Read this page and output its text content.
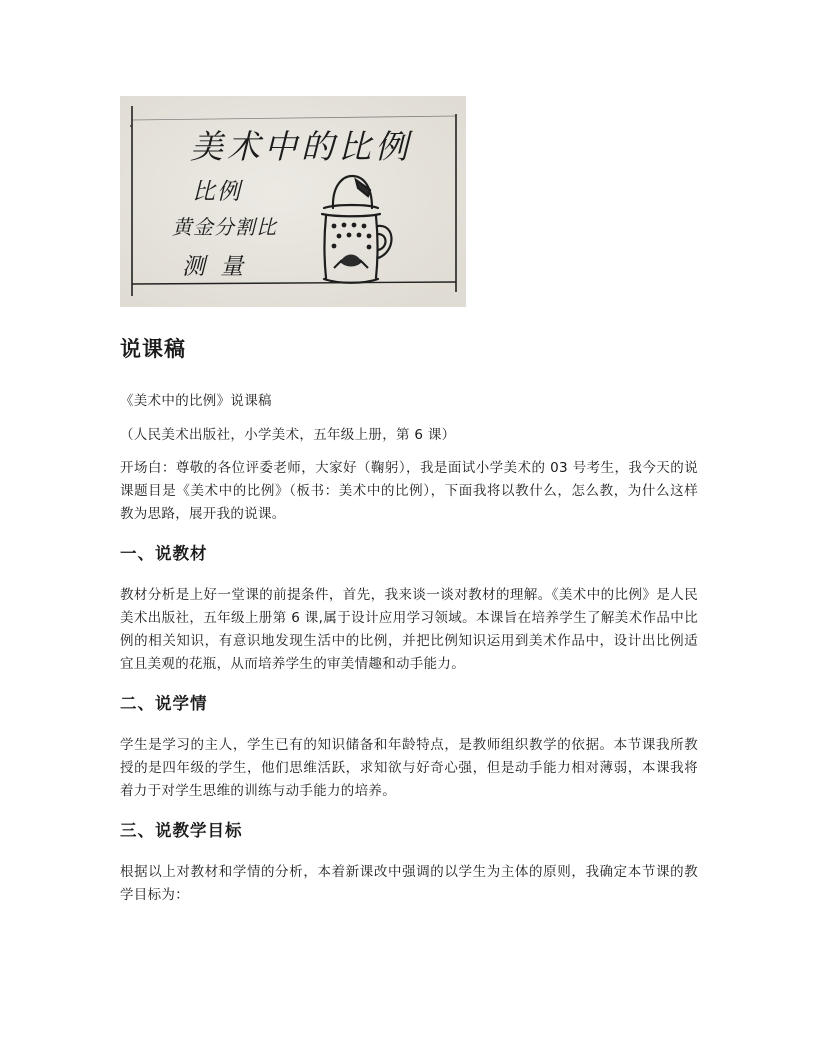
美术中的比例
比例
黄金分割比
测 量
说课稿

《美术中的比例》说课稿

（人民美术出版社，小学美术，五年级上册，第 6 课）

开场白：尊敬的各位评委老师，大家好（鞠躬），我是面试小学美术的 03 号考生，我今天的说课题目是《美术中的比例》（板书：美术中的比例），下面我将以教什么，怎么教，为什么这样教为思路，展开我的说课。

一、说教材

教材分析是上好一堂课的前提条件，首先，我来谈一谈对教材的理解。《美术中的比例》是人民美术出版社，五年级上册第 6 课,属于设计应用学习领域。本课旨在培养学生了解美术作品中比例的相关知识，有意识地发现生活中的比例，并把比例知识运用到美术作品中，设计出比例适宜且美观的花瓶，从而培养学生的审美情趣和动手能力。

二、说学情

学生是学习的主人，学生已有的知识储备和年龄特点，是教师组织教学的依据。本节课我所教授的是四年级的学生，他们思维活跃，求知欲与好奇心强，但是动手能力相对薄弱，本课我将着力于对学生思维的训练与动手能力的培养。

三、说教学目标

根据以上对教材和学情的分析，本着新课改中强调的以学生为主体的原则，我确定本节课的教学目标为：
